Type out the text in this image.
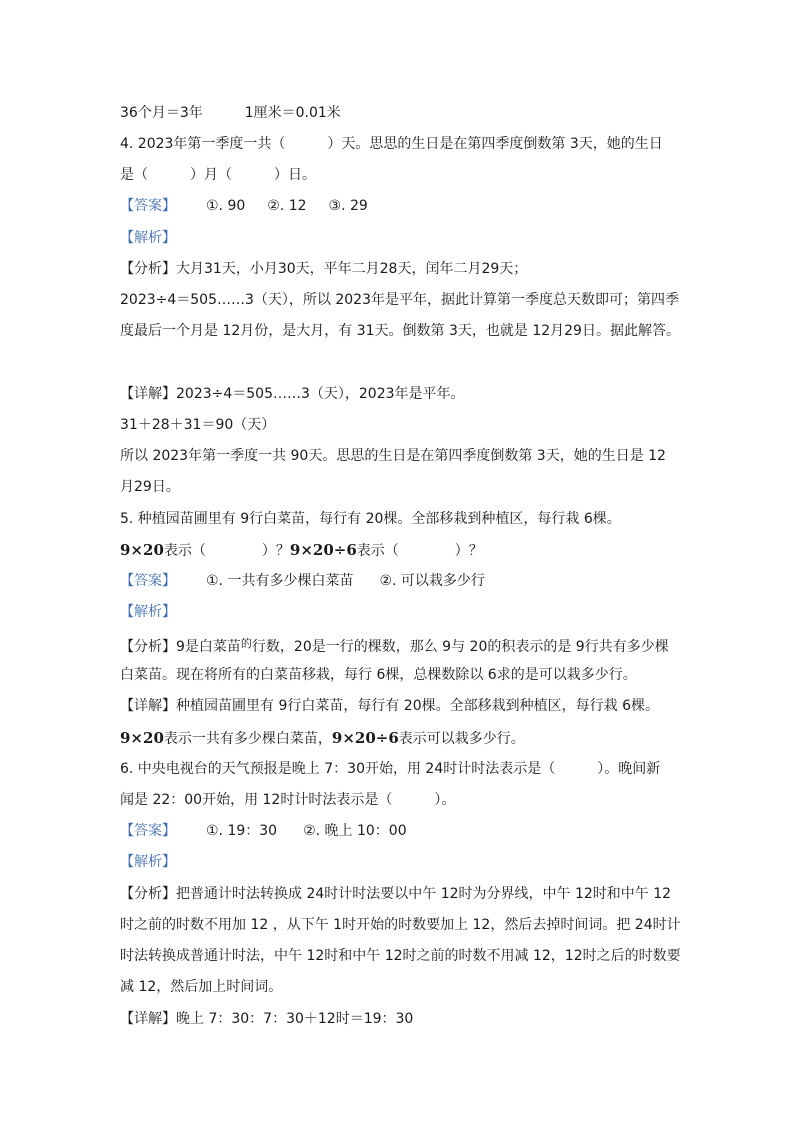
36个月＝3年　　　1厘米＝0.01米
4. 2023年第一季度一共（　　　）天。思思的生日是在第四季度倒数第 3天，她的生日
是（　　　）月（　　　）日。
【答案】 ①. 90 ②. 12 ③. 29
【解析】
【分析】大月31天，小月30天，平年二月28天，闰年二月29天；
2023÷4＝505……3（天），所以 2023年是平年，据此计算第一季度总天数即可；第四季
度最后一个月是 12月份，是大月，有 31天。倒数第 3天，也就是 12月29日。据此解答。
【详解】2023÷4＝505……3（天），2023年是平年。
31＋28＋31＝90（天）
所以 2023年第一季度一共 90天。思思的生日是在第四季度倒数第 3天，她的生日是 12
月29日。
5. 种植园苗圃里有 9行白菜苗，每行有 20棵。全部移栽到种植区，每行栽 6棵。
9×20表示（　　　　）？9×20÷6表示（　　　　）？
【答案】 ①. 一共有多少棵白菜苗 ②. 可以栽多少行
【解析】
【分析】9是白菜苗$^的$行数，20是一行的棵数，那么 9与 20的积表示的是 9行共有多少棵
白菜苗。现在将所有的白菜苗移栽，每行 6棵，总棵数除以 6求的是可以栽多少行。
【详解】种植园苗圃里有 9行白菜苗，每行有 20棵。全部移栽到种植区，每行栽 6棵。
9×20表示一共有多少棵白菜苗，9×20÷6表示可以栽多少行。
6. 中央电视台的天气预报是晚上 7：30开始，用 24时计时法表示是（　　　）。晚间新
闻是 22：00开始，用 12时计时法表示是（　　　）。
【答案】 ①. 19：30 ②. 晚上 10：00
【解析】
【分析】把普通计时法转换成 24时计时法要以中午 12时为分界线，中午 12时和中午 12
时之前的时数不用加 12 ，从下午 1时开始的时数要加上 12，然后去掉时间词。把 24时计
时法转换成普通计时法，中午 12时和中午 12时之前的时数不用减 12，12时之后的时数要
减 12，然后加上时间词。
【详解】晚上 7：30：7：30＋12时＝19：30
